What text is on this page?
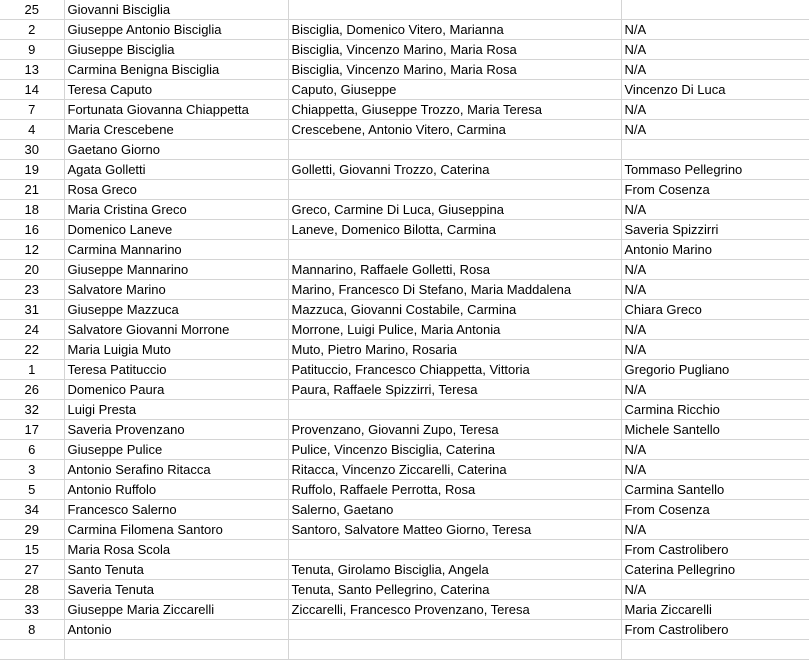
25	Giovanni Bisciglia		
2	Giuseppe Antonio Bisciglia	Bisciglia, Domenico Vitero, Marianna	N/A
9	Giuseppe Bisciglia	Bisciglia, Vincenzo Marino, Maria Rosa	N/A
13	Carmina Benigna Bisciglia	Bisciglia, Vincenzo Marino, Maria Rosa	N/A
14	Teresa Caputo	Caputo, Giuseppe	Vincenzo Di Luca
7	Fortunata Giovanna Chiappetta	Chiappetta, Giuseppe Trozzo, Maria Teresa	N/A
4	Maria Crescebene	Crescebene, Antonio Vitero, Carmina	N/A
30	Gaetano Giorno		
19	Agata Golletti	Golletti, Giovanni Trozzo, Caterina	Tommaso Pellegrino
21	Rosa Greco		From Cosenza
18	Maria Cristina Greco	Greco, Carmine Di Luca, Giuseppina	N/A
16	Domenico Laneve	Laneve, Domenico Bilotta, Carmina	Saveria Spizzirri
12	Carmina Mannarino		Antonio Marino
20	Giuseppe Mannarino	Mannarino, Raffaele Golletti, Rosa	N/A
23	Salvatore Marino	Marino, Francesco Di Stefano, Maria Maddalena	N/A
31	Giuseppe Mazzuca	Mazzuca, Giovanni Costabile, Carmina	Chiara Greco
24	Salvatore Giovanni Morrone	Morrone, Luigi Pulice, Maria Antonia	N/A
22	Maria Luigia Muto	Muto, Pietro Marino, Rosaria	N/A
1	Teresa Patituccio	Patituccio, Francesco Chiappetta, Vittoria	Gregorio Pugliano
26	Domenico Paura	Paura, Raffaele Spizzirri, Teresa	N/A
32	Luigi Presta		Carmina Ricchio
17	Saveria Provenzano	Provenzano, Giovanni Zupo, Teresa	Michele Santello
6	Giuseppe Pulice	Pulice, Vincenzo Bisciglia, Caterina	N/A
3	Antonio Serafino Ritacca	Ritacca, Vincenzo Ziccarelli, Caterina	N/A
5	Antonio Ruffolo	Ruffolo, Raffaele Perrotta, Rosa	Carmina Santello
34	Francesco Salerno	Salerno, Gaetano	From Cosenza
29	Carmina Filomena Santoro	Santoro, Salvatore Matteo Giorno, Teresa	N/A
15	Maria Rosa Scola		From Castrolibero
27	Santo Tenuta	Tenuta, Girolamo Bisciglia, Angela	Caterina Pellegrino
28	Saveria Tenuta	Tenuta, Santo Pellegrino, Caterina	N/A
33	Giuseppe Maria Ziccarelli	Ziccarelli, Francesco Provenzano, Teresa	Maria Ziccarelli
8	Antonio		From Castrolibero
